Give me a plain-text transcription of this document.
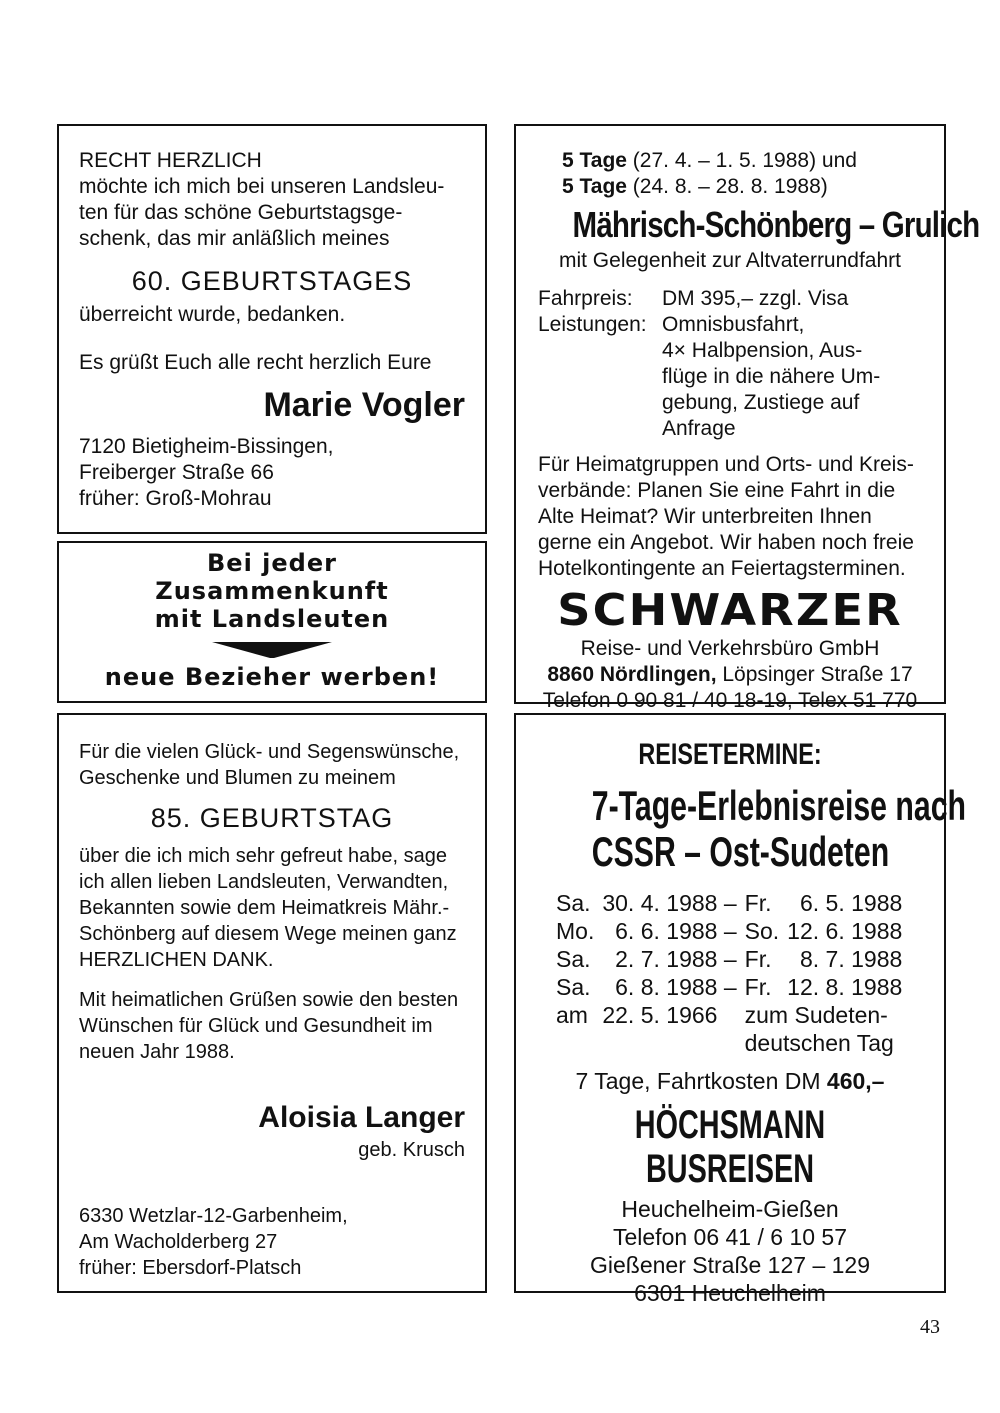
RECHT HERZLICH

möchte ich mich bei unseren Landsleu-

ten für das schöne Geburtstagsge-

schenk, das mir anläßlich meines

60. GEBURTSTAGES

überreicht wurde, bedanken.

Es grüßt Euch alle recht herzlich Eure

Marie Vogler

7120 Bietigheim-Bissingen,

Freiberger Straße 66

früher: Groß-Mohrau

Bei jeder

Zusammenkunft

mit Landsleuten

neue Bezieher werben!

Für die vielen Glück- und Segenswünsche,

Geschenke und Blumen zu meinem

85. GEBURTSTAG

über die ich mich sehr gefreut habe, sage

ich allen lieben Landsleuten, Verwandten,

Bekannten sowie dem Heimatkreis Mähr.-

Schönberg auf diesem Wege meinen ganz

HERZLICHEN DANK.

Mit heimatlichen Grüßen sowie den besten

Wünschen für Glück und Gesundheit im

neuen Jahr 1988.

Aloisia Langer

geb. Krusch

6330 Wetzlar-12-Garbenheim,

Am Wacholderberg 27

früher: Ebersdorf-Platsch

5 Tage (27. 4. – 1. 5. 1988) und

5 Tage (24. 8. – 28. 8. 1988)

Mährisch-Schönberg – Grulich

mit Gelegenheit zur Altvaterrundfahrt

Fahrpreis:	DM 395,– zzgl. Visa
Leistungen: Omnisbusfahrt,
4× Halbpension, Aus-
flüge in die nähere Um-
gebung, Zustiege auf
Anfrage
Für Heimatgruppen und Orts- und Kreis-
verbände: Planen Sie eine Fahrt in die
Alte Heimat? Wir unterbreiten Ihnen
gerne ein Angebot. Wir haben noch freie
Hotelkontingente an Feiertagsterminen.

SCHWARZER

Reise- und Verkehrsbüro GmbH

8860 Nördlingen, Löpsinger Straße 17

Telefon 0 90 81 / 40 18-19, Telex 51 770

REISETERMINE:

7-Tage-Erlebnisreise nach

CSSR – Ost-Sudeten

Sa.	30. 4. 1988 –	Fr.	6. 5. 1988
Mo.	6. 6. 1988 –	So.	12. 6. 1988
Sa.	2. 7. 1988 –	Fr.	8. 7. 1988
Sa.	6. 8. 1988 –	Fr.	12. 8. 1988
am	22. 5. 1966	zum Sudeten-	
		deutschen Tag	

7 Tage, Fahrtkosten DM 460,–

HÖCHSMANN

BUSREISEN

Heuchelheim-Gießen

Telefon 06 41 / 6 10 57

Gießener Straße 127 – 129

6301 Heuchelheim

43
